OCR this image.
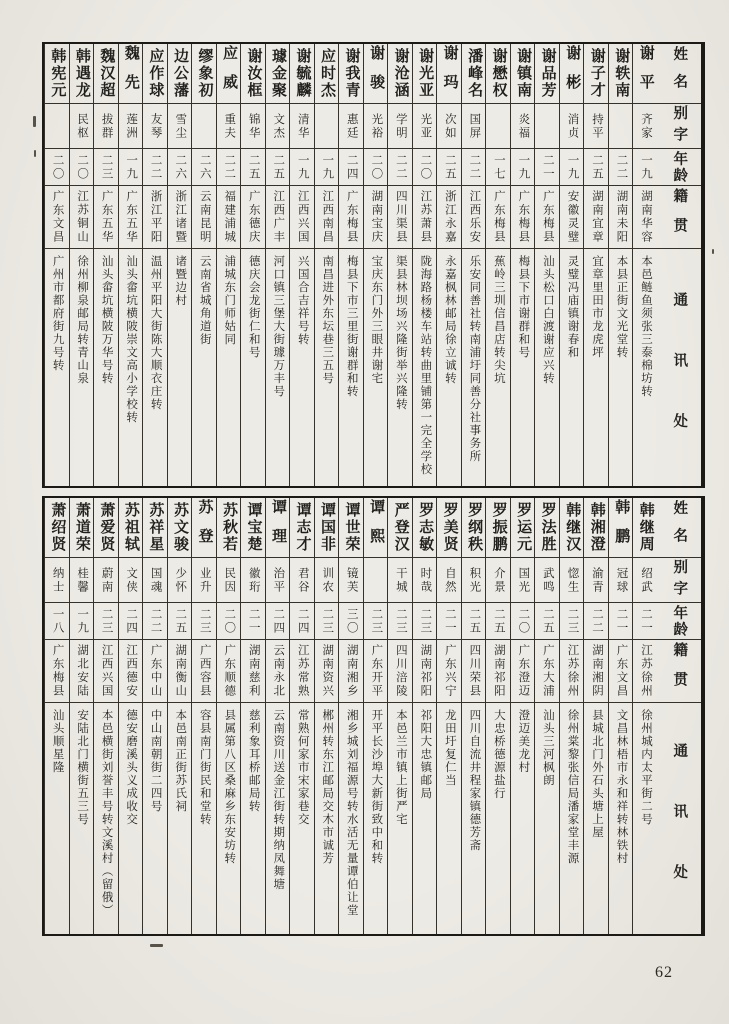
姓名
别字
年龄
籍贯
通讯处
谢平
齐家
一九
湖南华容
本邑鲢鱼须张三泰棉坊转
谢轶南
二二
湖南未阳
本县正街文光堂转
谢子才
持平
二五
湖南宜章
宜章里田市龙虎坪
谢彬
消贞
一九
安徽灵璧
灵璧冯庙镇谢春和
谢品芳
二一
广东梅县
汕头松口白渡谢应兴转
谢镇南
炎福
一九
广东梅县
梅县下市谢群和号
谢懋权
一七
广东梅县
蕉岭三圳信昌店转尖坑
潘峰名
国屏
二二
江西乐安
乐安同善社转南浦圩同善分社事务所
谢玛
次如
二五
浙江永嘉
永嘉枫林邮局徐立诚转
谢光亚
光亚
二〇
江苏萧县
陇海路杨楼车站转曲里铺第一完全学校
谢沧涵
学明
二二
四川渠县
渠县林坝场兴隆街举兴隆转
谢骏
光裕
二〇
湖南宝庆
宝庆东门外三眼井谢宅
谢我青
惠廷
二四
广东梅县
梅县下市三里街谢群和转
应时杰
一九
江西南昌
南昌进外东坛巷三五号
谢毓麟
清华
一九
江西兴国
兴国合吉祥号转
璩金聚
文杰
二五
江西广丰
河口镇三堡大街璩万丰号
谢汝框
锦华
二五
广东德庆
德庆会龙街仁和号
应威
重夫
二二
福建浦城
浦城东门师姑同
缪象初
二六
云南昆明
云南省城角道街
边公藩
雪尘
二六
浙江诸暨
诸暨边村
应作球
友琴
二二
浙江平阳
温州平阳大街陈大顺衣庄转
魏先
莲洲
一九
广东五华
汕头畲坑横陂崇文高小学校转
魏汉超
拔群
二三
广东五华
汕头畲坑横陂万华号转
韩遇龙
民枢
二〇
江苏铜山
徐州柳泉邮局转青山泉
韩宪元
二〇
广东文昌
广州市都府街九号转
姓名
别字
年龄
籍贯
通讯处
韩继周
绍武
二一
江苏徐州
徐州城内太平街二号
韩鹏
冠球
二一
广东文昌
文昌林梧市永和祥转林铁村
韩湘澄
渝青
二二
湖南湘阴
县城北门外石头塘上屋
韩继汉
惚生
二三
江苏徐州
徐州棠黎张信局潘家堂丰源
罗法胜
武鸣
二五
广东大浦
汕头三河枫朗
罗运元
国光
二〇
广东澄迈
澄迈美龙村
罗振鹏
介景
二五
湖南祁阳
大忠桥德源盐行
罗纲秩
积光
二五
四川荣县
四川自流井程家镇德芳斋
罗美贤
自然
二一
广东兴宁
龙田圩复仁当
罗志敏
时哉
二三
湖南祁阳
祁阳大忠镇邮局
严登汉
干城
二三
四川涪陵
本邑兰市镇上街严宅
谭熙
二三
广东开平
开平长沙埠大新街致中和转
谭世荣
镜芙
三〇
湖南湘乡
湘乡城刘福源号转水活无量谭伯让堂
谭国非
训农
二三
湖南资兴
郴州转东江邮局交木市诚芳
谭志才
君谷
二四
江苏常熟
常熟何家市宋家巷交
谭理
治平
二四
云南永北
云南资川送金江街转期纳凤舞塘
谭宝楚
徽珩
二一
湖南慈利
慈利象耳桥邮局转
苏秋若
民因
二〇
广东顺德
县属第八区桑麻乡东安坊转
苏登
业升
二三
广西容县
容县南门街民和堂转
苏文骏
少怀
二五
湖南衡山
本邑南正街苏氏祠
苏祥星
国魂
二二
广东中山
中山南朝街二四号
苏祖轼
文侠
二四
江西德安
德安磨溪头义成收交
萧爱贤
蔚南
二三
江西兴国
本邑横街刘誉丰号转文溪村（留俄）
萧道荣
桂馨
一九
湖北安陆
安陆北门横街五三号
萧绍贤
纳士
一八
广东梅县
汕头顺星隆
62
